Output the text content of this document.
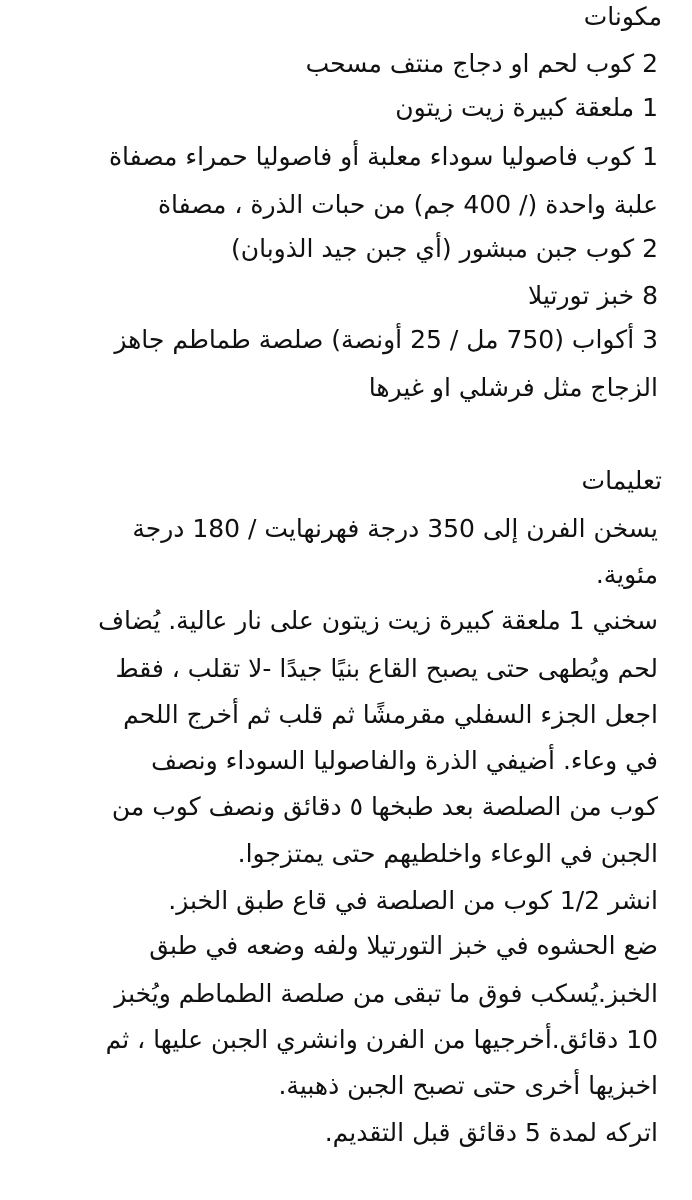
مكونات
2 كوب لحم او دجاج منتف مسحب
1 ملعقة كبيرة زيت زيتون
1 كوب فاصوليا سوداء معلبة أو فاصوليا حمراء مصفاة
علبة واحدة (/ 400 جم) من حبات الذرة ، مصفاة
2 كوب جبن مبشور (أي جبن جيد الذوبان)
8 خبز تورتيلا
3 أكواب (750 مل / 25 أونصة) صلصة طماطم جاهز
الزجاج مثل فرشلي او غيرها
تعليمات
يسخن الفرن إلى 350 درجة فهرنهايت / 180 درجة
مئوية.
سخني 1 ملعقة كبيرة زيت زيتون على نار عالية. يُضاف
لحم ويُطهى حتى يصبح القاع بنيًا جيدًا -لا تقلب ، فقط
اجعل الجزء السفلي مقرمشًا ثم قلب ثم أخرج اللحم
في وعاء. أضيفي الذرة والفاصوليا السوداء ونصف
كوب من الصلصة بعد طبخها ٥ دقائق ونصف كوب من
الجبن في الوعاء واخلطيهم حتى يمتزجوا.
انشر 1/2 كوب من الصلصة في قاع طبق الخبز.
ضع الحشوه في خبز التورتيلا ولفه وضعه في طبق
الخبز.يُسكب فوق ما تبقى من صلصة الطماطم ويُخبز
10 دقائق.أخرجيها من الفرن وانشري الجبن عليها ، ثم
اخبزيها أخرى حتى تصبح الجبن ذهبية.
اتركه لمدة 5 دقائق قبل التقديم.
